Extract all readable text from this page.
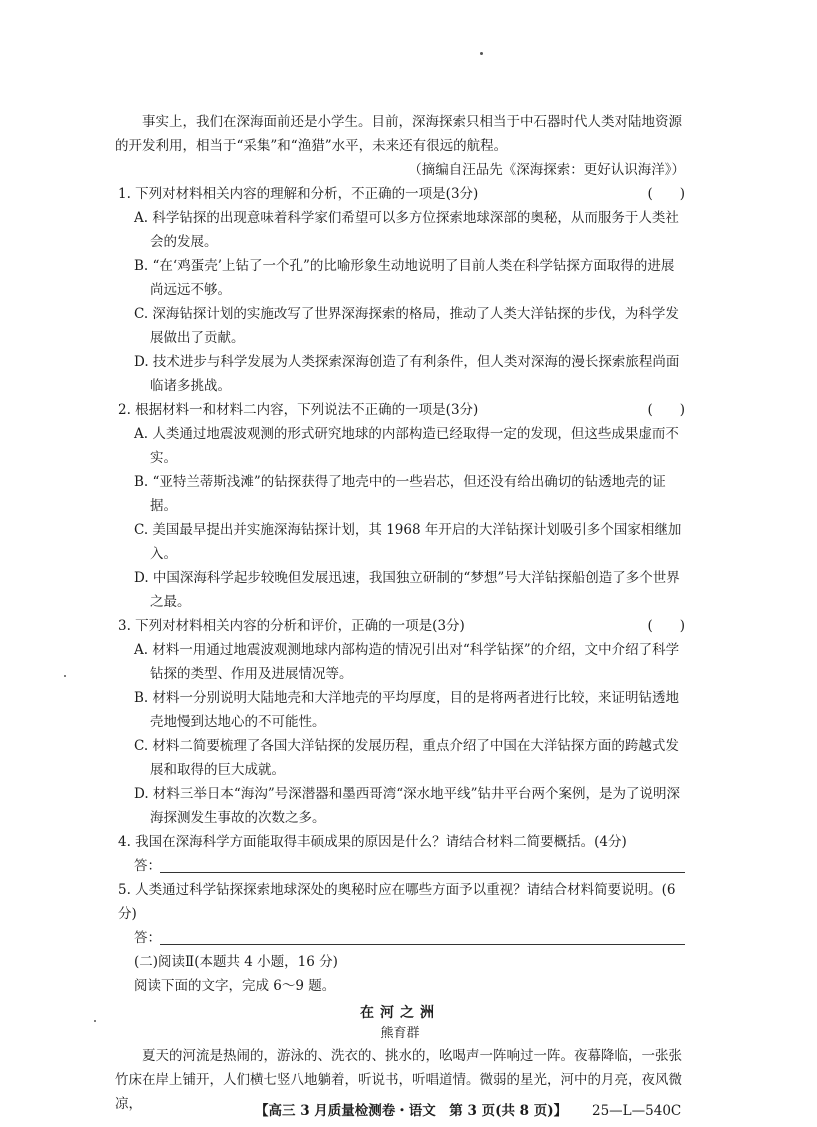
事实上，我们在深海面前还是小学生。目前，深海探索只相当于中石器时代人类对陆地资源的开发利用，相当于“采集”和“渔猎”水平，未来还有很远的航程。
（摘编自汪品先《深海探索：更好认识海洋》）
1. 下列对材料相关内容的理解和分析，不正确的一项是(3分)	(　　)
A. 科学钻探的出现意味着科学家们希望可以多方位探索地球深部的奥秘，从而服务于人类社会的发展。
B. “在‘鸡蛋壳’上钻了一个孔”的比喻形象生动地说明了目前人类在科学钻探方面取得的进展尚远远不够。
C. 深海钻探计划的实施改写了世界深海探索的格局，推动了人类大洋钻探的步伐，为科学发展做出了贡献。
D. 技术进步与科学发展为人类探索深海创造了有利条件，但人类对深海的漫长探索旅程尚面临诸多挑战。
2. 根据材料一和材料二内容，下列说法不正确的一项是(3分)	(　　)
A. 人类通过地震波观测的形式研究地球的内部构造已经取得一定的发现，但这些成果虚而不实。
B. “亚特兰蒂斯浅滩”的钻探获得了地壳中的一些岩芯，但还没有给出确切的钻透地壳的证据。
C. 美国最早提出并实施深海钻探计划，其 1968 年开启的大洋钻探计划吸引多个国家相继加入。
D. 中国深海科学起步较晚但发展迅速，我国独立研制的“梦想”号大洋钻探船创造了多个世界之最。
3. 下列对材料相关内容的分析和评价，正确的一项是(3分)	(　　)
A. 材料一用通过地震波观测地球内部构造的情况引出对“科学钻探”的介绍，文中介绍了科学钻探的类型、作用及进展情况等。
B. 材料一分别说明大陆地壳和大洋地壳的平均厚度，目的是将两者进行比较，来证明钻透地壳地慢到达地心的不可能性。
C. 材料二简要梳理了各国大洋钻探的发展历程，重点介绍了中国在大洋钻探方面的跨越式发展和取得的巨大成就。
D. 材料三举日本“海沟”号深潜器和墨西哥湾“深水地平线”钻井平台两个案例，是为了说明深海探测发生事故的次数之多。
4. 我国在深海科学方面能取得丰硕成果的原因是什么？请结合材料二简要概括。(4分)
答：
5. 人类通过科学钻探探索地球深处的奥秘时应在哪些方面予以重视？请结合材料简要说明。(6分)
答：
(二)阅读Ⅱ(本题共 4 小题，16 分)
阅读下面的文字，完成 6～9 题。
在河之洲
熊育群
夏天的河流是热闹的，游泳的、洗衣的、挑水的，吆喝声一阵响过一阵。夜幕降临，一张张竹床在岸上铺开，人们横七竖八地躺着，听说书，听唱道情。微弱的星光，河中的月亮，夜风微凉，	【高三 3 月质量检测卷・语文　第 3 页(共 8 页)】 25—L—540C
